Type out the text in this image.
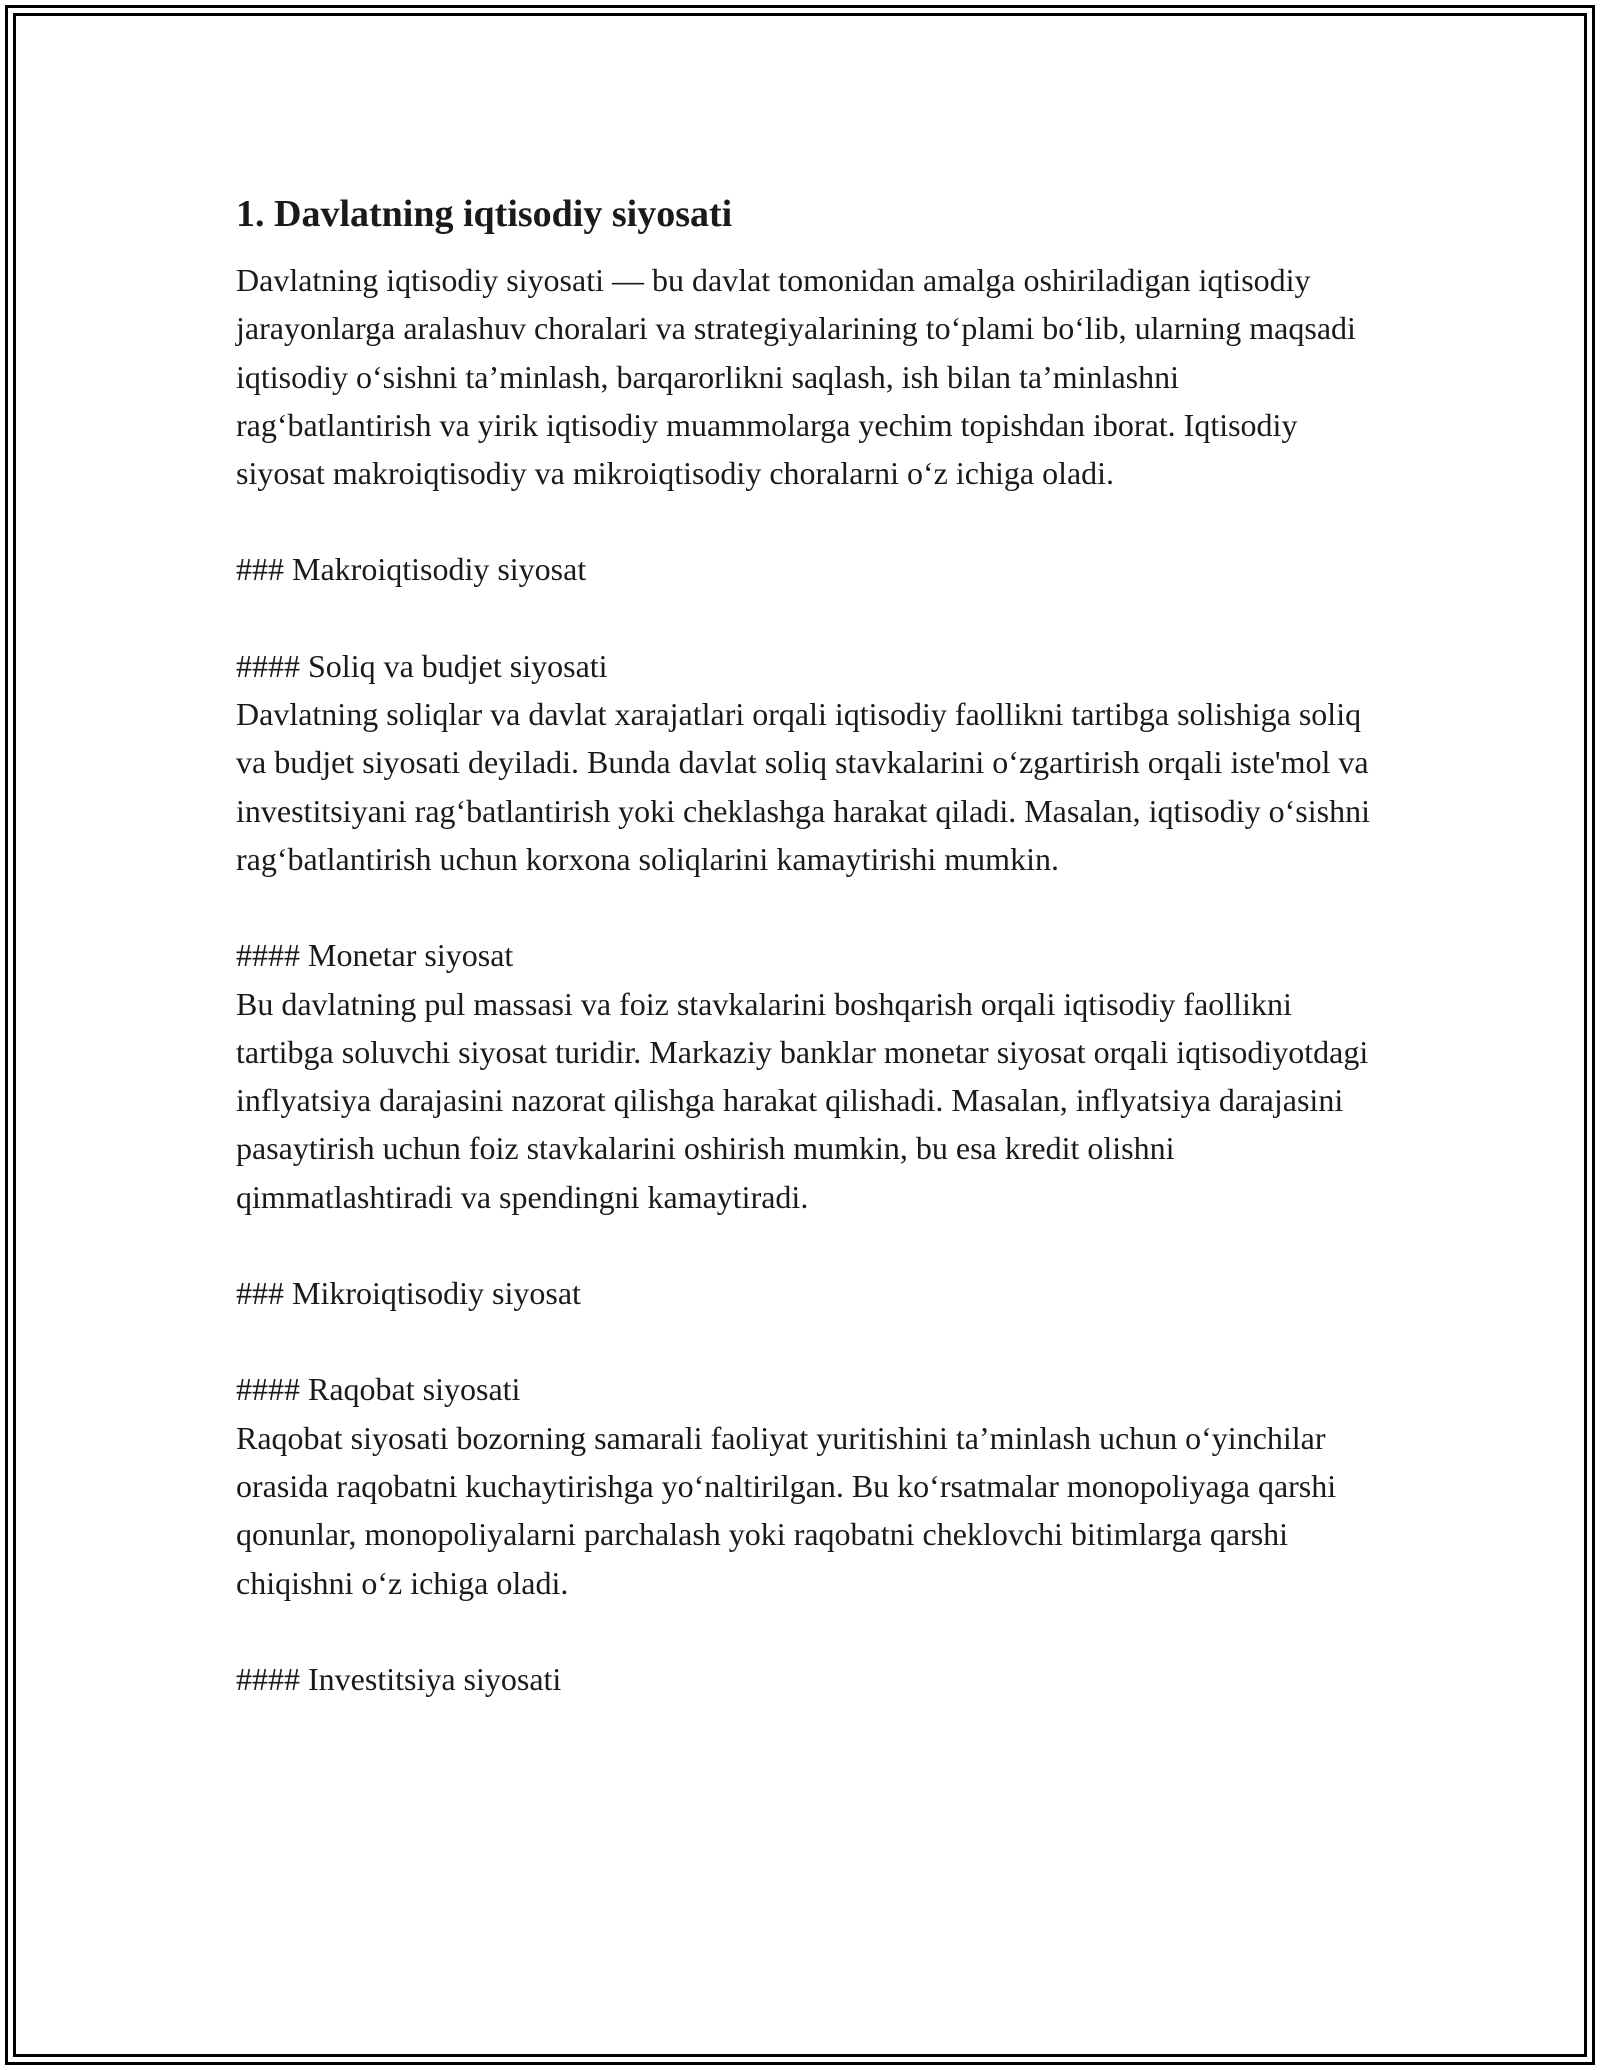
1. Davlatning iqtisodiy siyosati

Davlatning iqtisodiy siyosati — bu davlat tomonidan amalga oshiriladigan iqtisodiy jarayonlarga aralashuv choralari va strategiyalarining to‘plami bo‘lib, ularning maqsadi iqtisodiy o‘sishni ta’minlash, barqarorlikni saqlash, ish bilan ta’minlashni rag‘batlantirish va yirik iqtisodiy muammolarga yechim topishdan iborat. Iqtisodiy siyosat makroiqtisodiy va mikroiqtisodiy choralarni o‘z ichiga oladi.

### Makroiqtisodiy siyosat

#### Soliq va budjet siyosati

Davlatning soliqlar va davlat xarajatlari orqali iqtisodiy faollikni tartibga solishiga soliq va budjet siyosati deyiladi. Bunda davlat soliq stavkalarini o‘zgartirish orqali iste'mol va investitsiyani rag‘batlantirish yoki cheklashga harakat qiladi. Masalan, iqtisodiy o‘sishni rag‘batlantirish uchun korxona soliqlarini kamaytirishi mumkin.

#### Monetar siyosat

Bu davlatning pul massasi va foiz stavkalarini boshqarish orqali iqtisodiy faollikni tartibga soluvchi siyosat turidir. Markaziy banklar monetar siyosat orqali iqtisodiyotdagi inflyatsiya darajasini nazorat qilishga harakat qilishadi. Masalan, inflyatsiya darajasini pasaytirish uchun foiz stavkalarini oshirish mumkin, bu esa kredit olishni qimmatlashtiradi va spendingni kamaytiradi.

### Mikroiqtisodiy siyosat

#### Raqobat siyosati

Raqobat siyosati bozorning samarali faoliyat yuritishini ta’minlash uchun o‘yinchilar orasida raqobatni kuchaytirishga yo‘naltirilgan. Bu ko‘rsatmalar monopoliyaga qarshi qonunlar, monopoliyalarni parchalash yoki raqobatni cheklovchi bitimlarga qarshi chiqishni o‘z ichiga oladi.

#### Investitsiya siyosati
